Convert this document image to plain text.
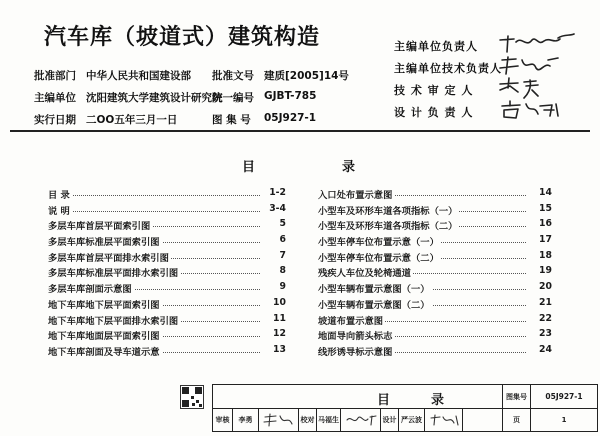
汽车库（坡道式）建筑构造
批准部门 中华人民共和国建设部 批准文号 建质[2005]14号
主编单位 沈阳建筑大学建筑设计研究院
统一编号 GJBT-785
实行日期 二OO五年三月一日	图 集 号 05J927-1
主编单位负责人
主编单位技术负责人
技 术 审 定 人
设 计 负 责 人
目	录
目 录	1-2
说 明	3-4
多层车库首层平面索引图	5
多层车库标准层平面索引图	6
多层车库首层平面排水索引图	7
多层车库标准层平面排水索引图	8
多层车库剖面示意图	9
地下车库地下层平面索引图	10
地下车库地下层平面排水索引图	11
地下车库地面层平面索引图	12
地下车库剖面及导车道示意	13
入口处布置示意图	14
小型车及环形车道各项指标（一）	15
小型车及环形车道各项指标（二）	16
小型车停车位布置示意（一）	17
小型车停车位布置示意（二）	18
残疾人车位及轮椅通道	19
小型车辆布置示意图（一）	20
小型车辆布置示意图（二）	21
坡道布置示意图	22
地面导向箭头标志	23
线形诱导标示意图	24
目	录	图集号	05J927-1
审核	李勇	校对 马福生	设计 严云波	页	1
